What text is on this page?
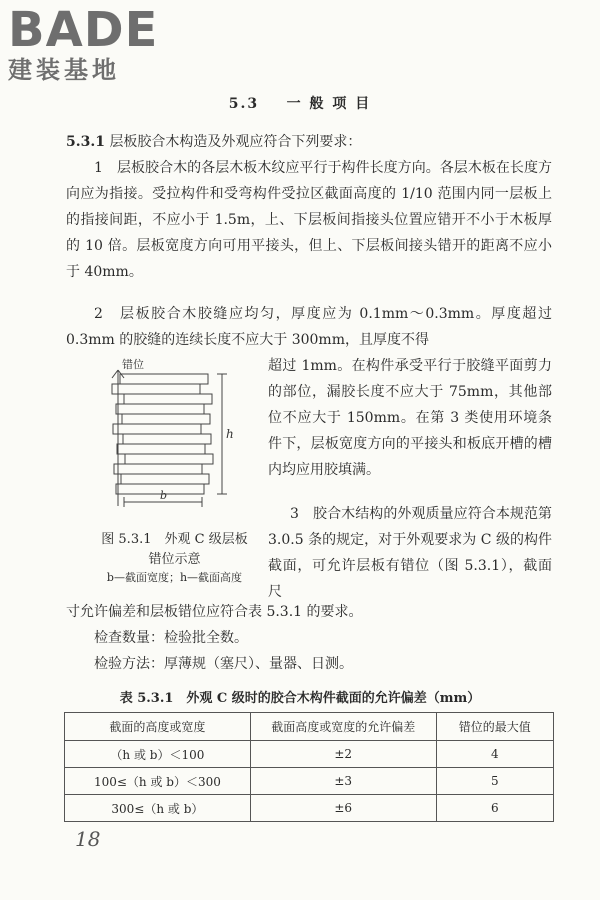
BADE
建装基地
5.3 一 般 项 目

5.3.1 层板胶合木构造及外观应符合下列要求：

1　层板胶合木的各层木板木纹应平行于构件长度方向。各层木板在长度方向应为指接。受拉构件和受弯构件受拉区截面高度的 1/10 范围内同一层板上的指接间距，不应小于 1.5m，上、下层板间指接头位置应错开不小于木板厚的 10 倍。层板宽度方向可用平接头，但上、下层板间接头错开的距离不应小于 40mm。

2　层板胶合木胶缝应均匀，厚度应为 0.1mm～0.3mm。厚度超过 0.3mm 的胶缝的连续长度不应大于 300mm，且厚度不得

错位
h
b

超过 1mm。在构件承受平行于胶缝平面剪力的部位，漏胶长度不应大于 75mm，其他部位不应大于 150mm。在第 3 类使用环境条件下，层板宽度方向的平接头和板底开槽的槽内均应用胶填满。

3　胶合木结构的外观质量应符合本规范第 3.0.5 条的规定，对于外观要求为 C 级的构件截面，可允许层板有错位（图 5.3.1），截面尺

图 5.3.1　外观 C 级层板
错位示意
b—截面宽度；h—截面高度

寸允许偏差和层板错位应符合表 5.3.1 的要求。

检查数量：检验批全数。

检验方法：厚薄规（塞尺）、量器、日测。

表 5.3.1　外观 C 级时的胶合木构件截面的允许偏差（mm）
截面的高度或宽度	截面高度或宽度的允许偏差	错位的最大值
（h 或 b）＜100	±2	4
100≤（h 或 b）＜300	±3	5
300≤（h 或 b）	±6	6
18
